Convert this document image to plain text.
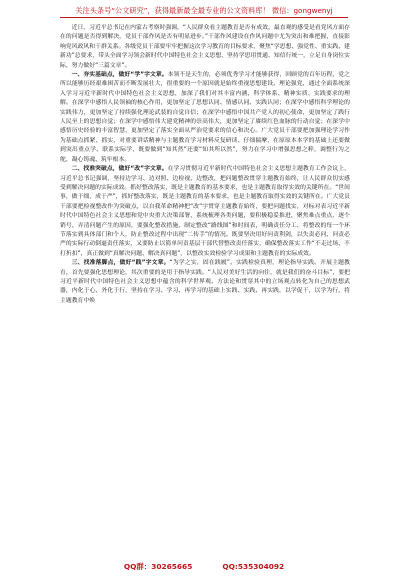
关注头条号“公文研究”，获得最新最全最专业的公文资料库！ 微信：gongwenyj

近日，习近平总书记在内蒙古考察时强调，“人民群众看主题教育是否有成效，最直观的感受是看党风方面存在的问题是否得到解决，党员干部作风是否有明显进步。”干部作风建设在作风问题中尤为突出和难把握，直接影响党风政风和干群关系。各级党员干部要牢牢把握这次学习教育的目标要求，聚焦“学思想、强党性、重实践、建新功”总要求，带头全面学习领会新时代中国特色社会主义思想，坚持学思用贯通、知信行统一，立足自身岗位实际，努力做好“三篇文章”。

一、夯实基础点，做好“学”字文章。本领不是天生的，必须优秀学习才能够获得，回顾党的百年历程，党之所以能够历经艰难困苦而不断发展壮大，很重要的一个原因就是始终重视思想建设、理论强党，通过全面系统深入学习习近平新时代中国特色社会主义思想，加深了我们对其丰富内涵、科学体系、精神实质、实践要求的理解。在深学中感悟人民领袖的核心作用，更加坚定了思想认同、情感认同、实践认同；在深学中感悟科学理论的实践伟力，更加坚定了持续强化理论武装的自觉自信；在深学中感悟中国共产党人的初心使命，更加坚定了践行人民至上的思想自觉；在深学中感悟伟大建党精神的崇高伟大，更加坚定了赓续红色血脉的行动自觉；在深学中感悟历史经验的丰富智慧，更加坚定了落实全面从严治党要求的信心和决心。广大党员干部要把加强理论学习作为基础点抓紧、抓实，对重要讲话精神与主题教育学习材料反复研读、仔细揣摩，在原原本本学的基础上还要做到突出重点学、联系实际学，既要做到“知其然”还要“知其所以然”，努力在学习中增强思想之粹，调整行为之舵，凝心铸魂、筑牢根本。

二、找准突破点，做好“改”字文章。在学习贯彻习近平新时代中国特色社会主义思想主题教育工作会议上，习近平总书记强调，坚持边学习、边对照、边检视、边整改，把问题整改贯穿主题教育始终，让人民群众切实感受到解决问题的实际成效。抓好整改落实，既是主题教育的基本要求，也是主题教育取得实效的关键所在。“世间事，做于细，成于严”，抓好整改落实，既是主题教育的基本要求，也是主题教育取得实效的关键所在。广大党员干部要把检视整改作为突破点，以自我革命精神把“改”字贯穿主题教育始终，要把问题找实，对标对表习近平新时代中国特色社会主义思想和党中央重大决策部署，系统梳理各类问题，要积极稳妥推进，聚焦难点重点，逐个销号，弄清问题产生的原因，要强化整改措施，制定整改“路线图”和时间表，明确责任分工，将整改的每一个环节落实到具体部门和个人，防止整改过程中出现“二传手”的情况。既要坚决用好问责利剑，以失责必问、问责必严的实际行动倒逼责任落实，又要防止以简单问责基层干部代替整改责任落实，确保整改落实工作“不走过场、不打折扣”，真正做到“真解决问题、解决真问题”，以整改实效检验学习成果和主题教育的实际成效。

三、找准落脚点，做好“践”字文章。“为学之实，固在践履”。实践检验真理，理论指导实践。开展主题教育，首先要强化思想理论，其次重要的是用于指导实践。“人民对美好生活的向往，就是我们的奋斗目标”，要把习近平新时代中国特色社会主义思想中蕴含的科学世界观、方法论和贯穿其中的立场观点转化为自己的思想武器，内化于心、外化于行，坚持在学习、学习、再学习的基础上实践、实践、再实践，以学促干，以学为行，将主题教育中焕

QQ群：30265665	QQ:535304092
